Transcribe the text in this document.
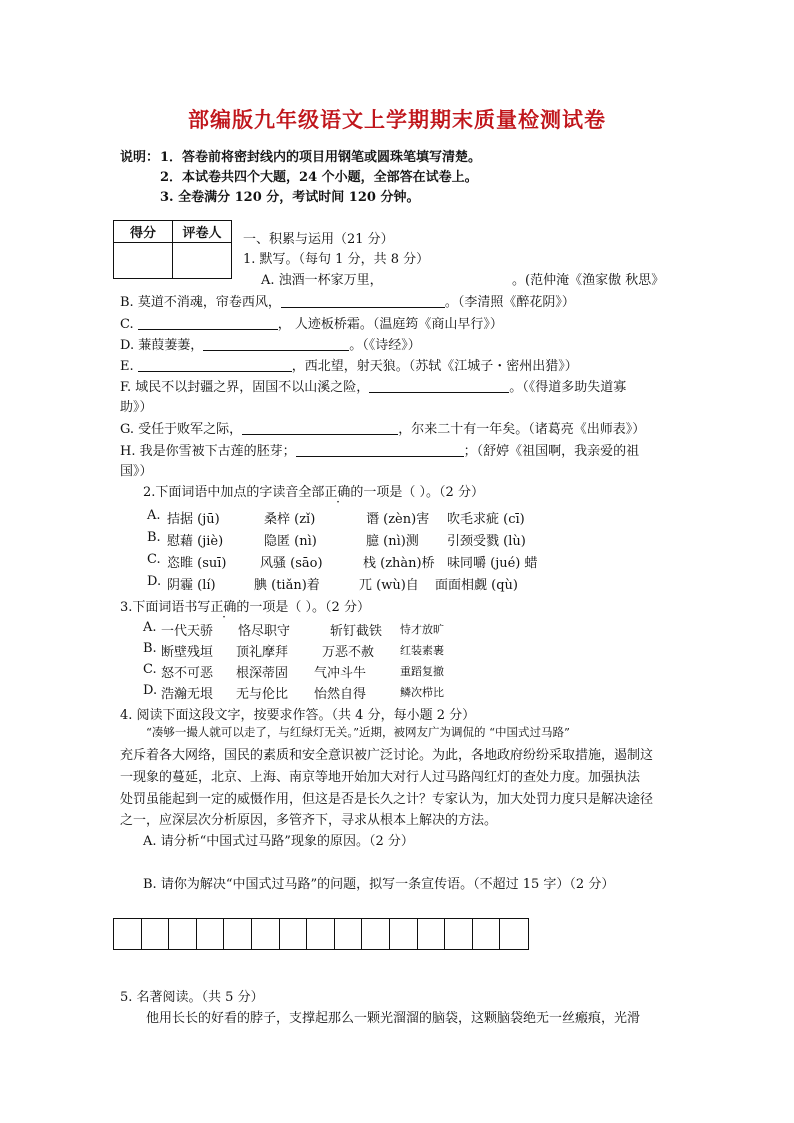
部编版九年级语文上学期期末质量检测试卷
说明： 1．答卷前将密封线内的项目用钢笔或圆珠笔填写清楚。
2．本试卷共四个大题，24 个小题，全部答在试卷上。
3. 全卷满分 120 分，考试时间 120 分钟。
得分	评卷人
	一、积累与运用（21 分）
1. 默写。（每句 1 分，共 8 分）
A. 浊酒一杯家万里，	。(范仲淹《渔家傲 秋思》
B. 莫道不消魂，帘卷西风，	。（李清照《醉花阴》）
C.	， 人迹板桥霜。（温庭筠《商山早行》）
D. 蒹葭萋萋，	。（《诗经》）
E.	，西北望，射天狼。（苏轼《江城子・密州出猎》）
F. 域民不以封疆之界，固国不以山溪之险，	。（《得道多助失道寡
助》）
G. 受任于败军之际，	，尔来二十有一年矣。（诸葛亮《出师表》）
H. 我是你雪被下古莲的胚芽；	；（舒婷《祖国啊，我亲爱的祖
国》）
2.下面词语中加点的字读音全部正确的一项是（ ）。（2 分）
A. 拮据 (jū)	桑梓 (zǐ)	谮 (zèn)害 吹毛求疵 (cī)
B. 慰藉 (jiè)	隐匿 (nì)	臆 (nì)测 引颈受戮 (lù)
C. 恣睢 (suī)	风骚 (sāo)	栈 (zhàn)桥 味同嚼 (jué) 蜡
D. 阴霾 (lí)	腆 (tiǎn)着	兀 (wù)自 面面相觑 (qù)
3.下面词语书写正确的一项是（ ）。（2 分）
A. 一代天骄 恪尽职守	斩钉截铁 恃才放旷
B. 断壁残垣 顶礼摩拜	万恶不赦 红装素裹
C. 怒不可恶 根深蒂固 气冲斗牛	重蹈复撤
D. 浩瀚无垠 无与伦比 怡然自得	鳞次栉比
4. 阅读下面这段文字，按要求作答。（共 4 分，每小题 2 分）
“凑够一撮人就可以走了，与红绿灯无关。”近期，被网友广为调侃的 “中国式过马路”
充斥着各大网络，国民的素质和安全意识被广泛讨论。为此，各地政府纷纷采取措施，遏制这
一现象的蔓延，北京、上海、南京等地开始加大对行人过马路闯红灯的查处力度。加强执法
处罚虽能起到一定的威慑作用，但这是否是长久之计？专家认为，加大处罚力度只是解决途径
之一，应深层次分析原因，多管齐下，寻求从根本上解决的方法。
A. 请分析“中国式过马路”现象的原因。（2 分）
B. 请你为解决“中国式过马路”的问题，拟写一条宣传语。（不超过 15 字）（2 分）
5. 名著阅读。（共 5 分）
他用长长的好看的脖子，支撑起那么一颗光溜溜的脑袋，这颗脑袋绝无一丝瘢痕，光滑
